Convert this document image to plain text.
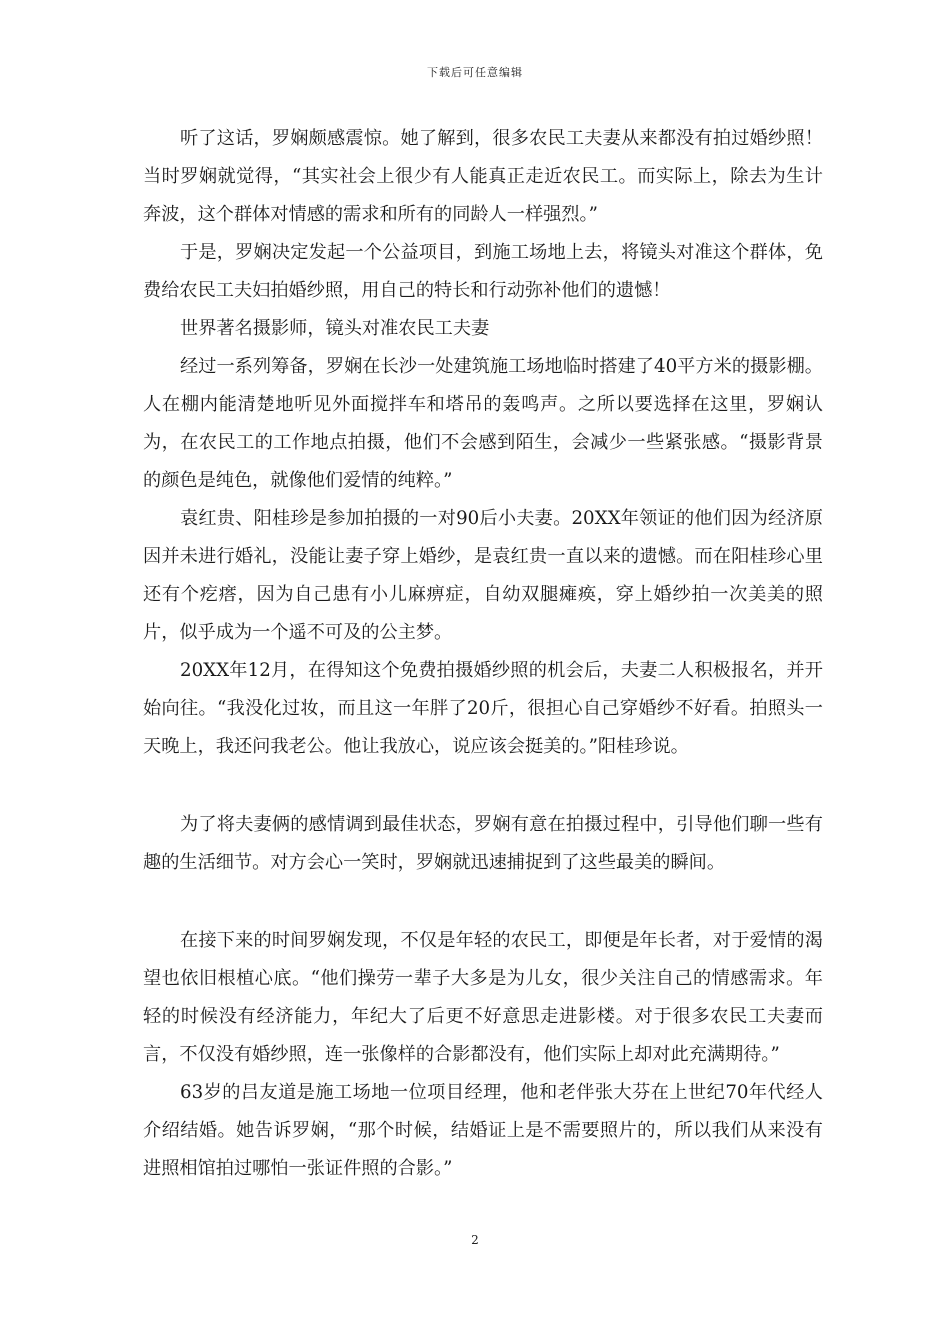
下载后可任意编辑

听了这话，罗娴颇感震惊。她了解到，很多农民工夫妻从来都没有拍过婚纱照！当时罗娴就觉得，“其实社会上很少有人能真正走近农民工。而实际上，除去为生计奔波，这个群体对情感的需求和所有的同龄人一样强烈。”

于是，罗娴决定发起一个公益项目，到施工场地上去，将镜头对准这个群体，免费给农民工夫妇拍婚纱照，用自己的特长和行动弥补他们的遗憾！

世界著名摄影师，镜头对准农民工夫妻

经过一系列筹备，罗娴在长沙一处建筑施工场地临时搭建了40平方米的摄影棚。人在棚内能清楚地听见外面搅拌车和塔吊的轰鸣声。之所以要选择在这里，罗娴认为，在农民工的工作地点拍摄，他们不会感到陌生，会减少一些紧张感。“摄影背景的颜色是纯色，就像他们爱情的纯粹。”

袁红贵、阳桂珍是参加拍摄的一对90后小夫妻。20XX年领证的他们因为经济原因并未进行婚礼，没能让妻子穿上婚纱，是袁红贵一直以来的遗憾。而在阳桂珍心里还有个疙瘩，因为自己患有小儿麻痹症，自幼双腿瘫痪，穿上婚纱拍一次美美的照片，似乎成为一个遥不可及的公主梦。

20XX年12月，在得知这个免费拍摄婚纱照的机会后，夫妻二人积极报名，并开始向往。“我没化过妆，而且这一年胖了20斤，很担心自己穿婚纱不好看。拍照头一天晚上，我还问我老公。他让我放心，说应该会挺美的。”阳桂珍说。

为了将夫妻俩的感情调到最佳状态，罗娴有意在拍摄过程中，引导他们聊一些有趣的生活细节。对方会心一笑时，罗娴就迅速捕捉到了这些最美的瞬间。

在接下来的时间罗娴发现，不仅是年轻的农民工，即便是年长者，对于爱情的渴望也依旧根植心底。“他们操劳一辈子大多是为儿女，很少关注自己的情感需求。年轻的时候没有经济能力，年纪大了后更不好意思走进影楼。对于很多农民工夫妻而言，不仅没有婚纱照，连一张像样的合影都没有，他们实际上却对此充满期待。”

63岁的吕友道是施工场地一位项目经理，他和老伴张大芬在上世纪70年代经人介绍结婚。她告诉罗娴，“那个时候，结婚证上是不需要照片的，所以我们从来没有进照相馆拍过哪怕一张证件照的合影。”

2
